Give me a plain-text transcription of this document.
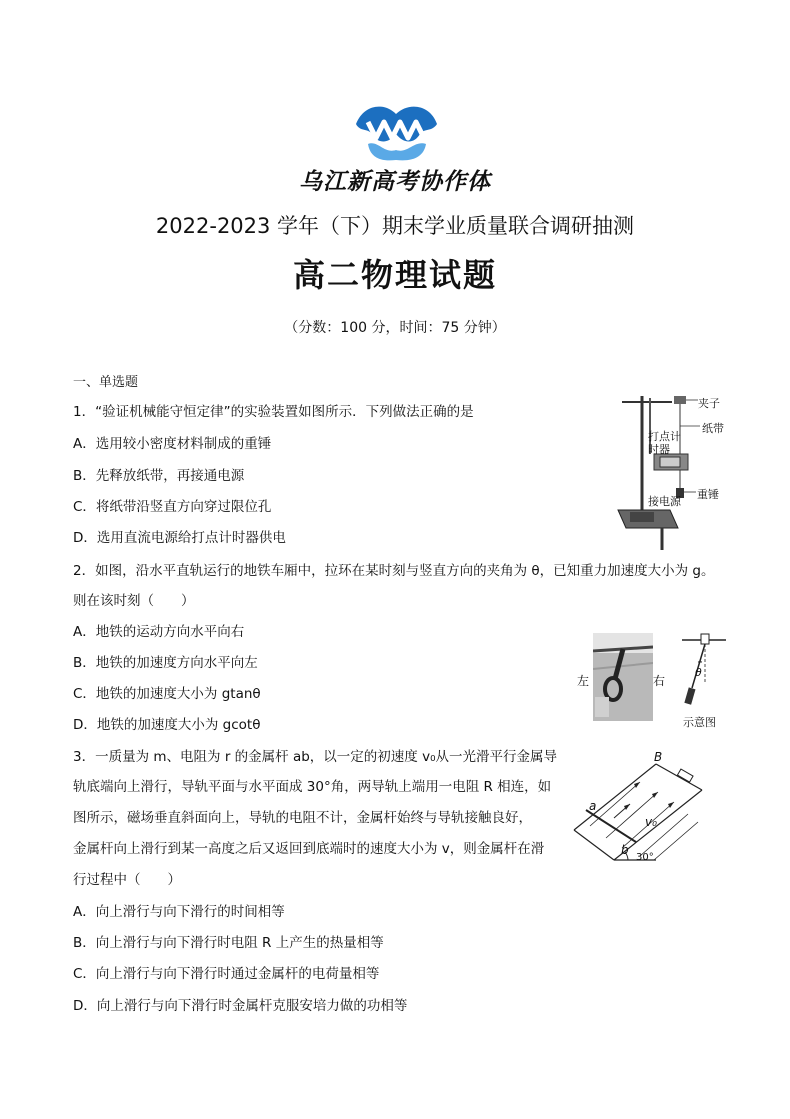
乌江新高考协作体
2022-2023 学年（下）期末学业质量联合调研抽测
高二物理试题
（分数：100 分，时间：75 分钟）
一、单选题
1．“验证机械能守恒定律”的实验装置如图所示．下列做法正确的是
A．选用较小密度材料制成的重锤
B．先释放纸带，再接通电源
C．将纸带沿竖直方向穿过限位孔
D．选用直流电源给打点计时器供电
夹子
纸带
打点计
时器
接电源
重锤
2．如图，沿水平直轨运行的地铁车厢中，拉环在某时刻与竖直方向的夹角为 θ，已知重力加速度大小为 g。
则在该时刻（　　）
A．地铁的运动方向水平向右
B．地铁的加速度方向水平向左
C．地铁的加速度大小为 gtanθ
D．地铁的加速度大小为 gcotθ
左	右
θ
示意图
3．一质量为 m、电阻为 r 的金属杆 ab，以一定的初速度 v₀从一光滑平行金属导
轨底端向上滑行，导轨平面与水平面成 30°角，两导轨上端用一电阻 R 相连，如
图所示，磁场垂直斜面向上，导轨的电阻不计，金属杆始终与导轨接触良好，
金属杆向上滑行到某一高度之后又返回到底端时的速度大小为 v，则金属杆在滑
行过程中（　　）
A．向上滑行与向下滑行的时间相等
B．向上滑行与向下滑行时电阻 R 上产生的热量相等
C．向上滑行与向下滑行时通过金属杆的电荷量相等
D．向上滑行与向下滑行时金属杆克服安培力做的功相等
B
a
b
v₀
30°
